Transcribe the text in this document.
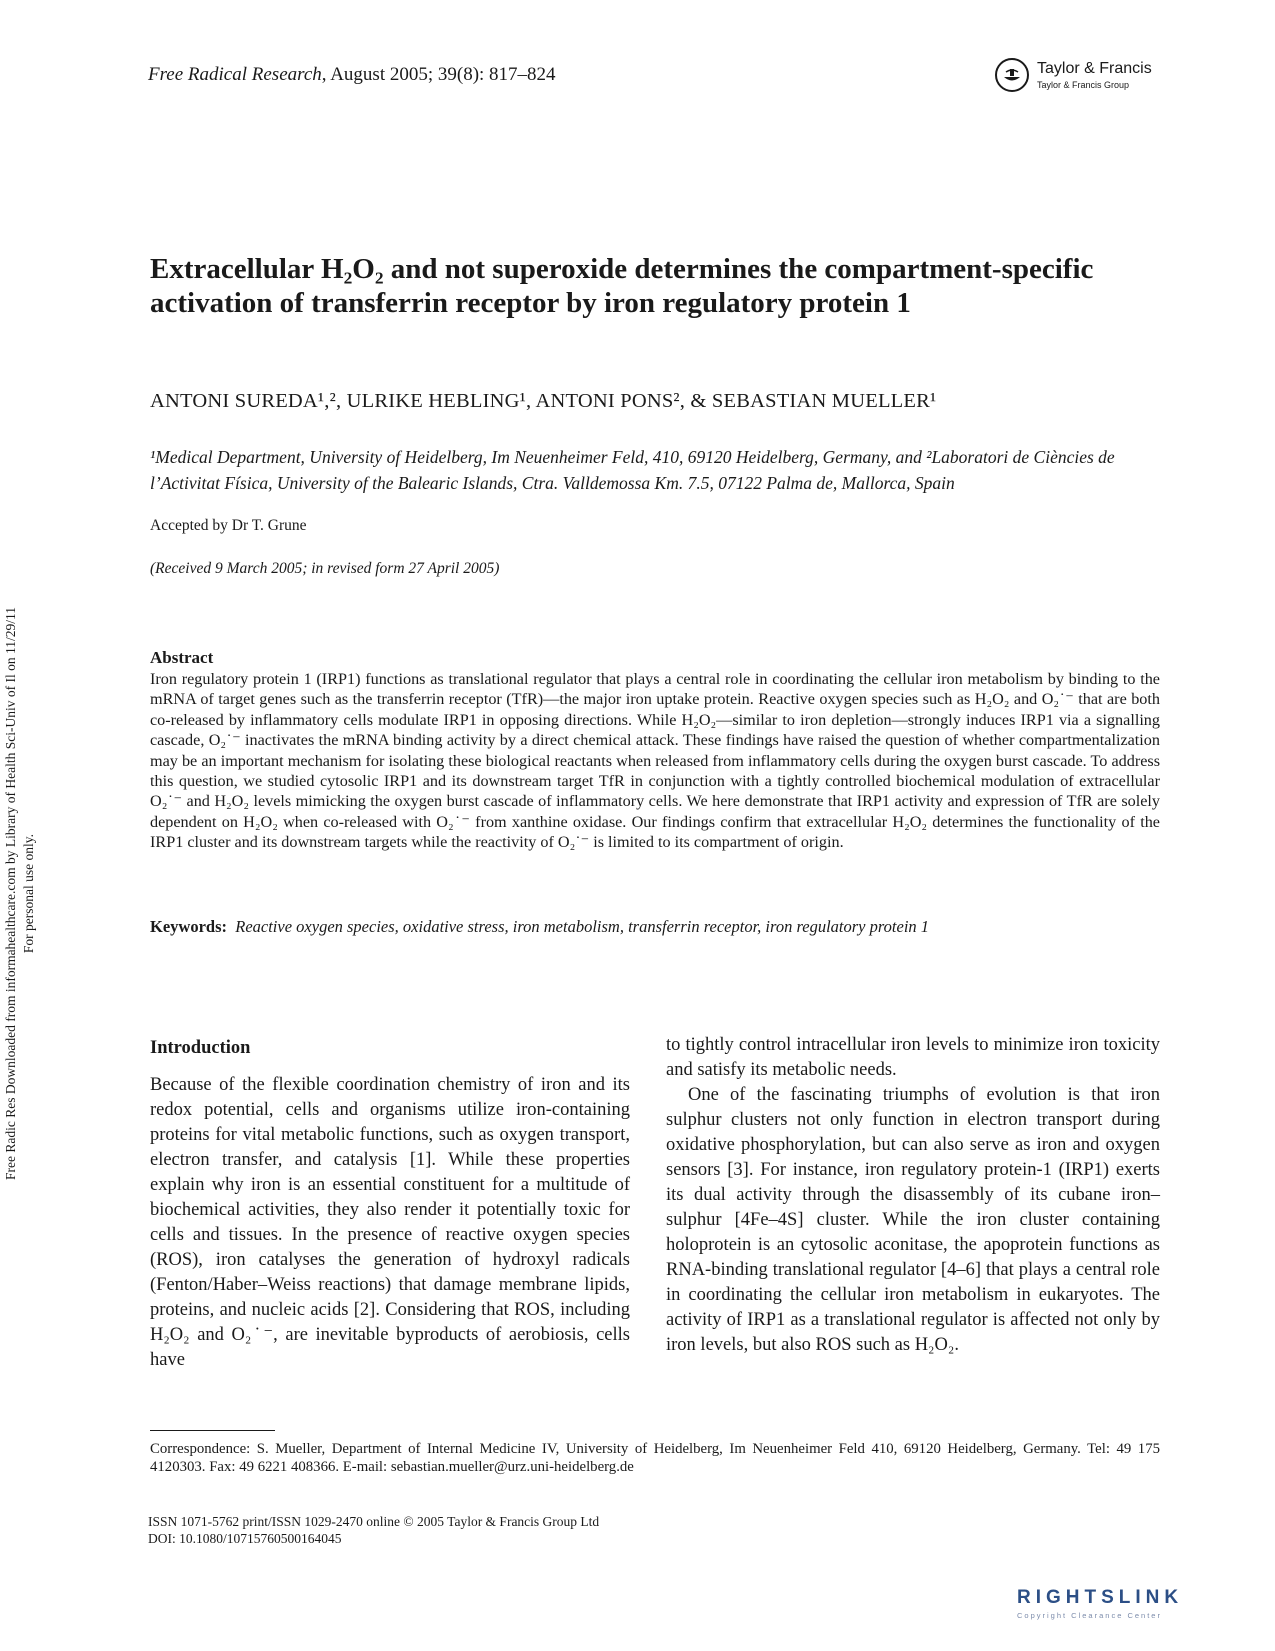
Free Radical Research, August 2005; 39(8): 817–824	Taylor & Francis
Taylor & Francis Group
Free Radic Res Downloaded from informahealthcare.com by Library of Health Sci-Univ of Il on 11/29/11 For personal use only.
Extracellular H₂O₂ and not superoxide determines the compartment-specific activation of transferrin receptor by iron regulatory protein 1
ANTONI SUREDA¹,², ULRIKE HEBLING¹, ANTONI PONS², & SEBASTIAN MUELLER¹
¹Medical Department, University of Heidelberg, Im Neuenheimer Feld, 410, 69120 Heidelberg, Germany, and ²Laboratori de Ciències de l’Activitat Física, University of the Balearic Islands, Ctra. Valldemossa Km. 7.5, 07122 Palma de, Mallorca, Spain
Accepted by Dr T. Grune
(Received 9 March 2005; in revised form 27 April 2005)
Abstract
Iron regulatory protein 1 (IRP1) functions as translational regulator that plays a central role in coordinating the cellular iron metabolism by binding to the mRNA of target genes such as the transferrin receptor (TfR)—the major iron uptake protein. Reactive oxygen species such as H₂O₂ and O₂˙⁻ that are both co-released by inflammatory cells modulate IRP1 in opposing directions. While H₂O₂—similar to iron depletion—strongly induces IRP1 via a signalling cascade, O₂˙⁻ inactivates the mRNA binding activity by a direct chemical attack. These findings have raised the question of whether compartmentalization may be an important mechanism for isolating these biological reactants when released from inflammatory cells during the oxygen burst cascade. To address this question, we studied cytosolic IRP1 and its downstream target TfR in conjunction with a tightly controlled biochemical modulation of extracellular O₂˙⁻ and H₂O₂ levels mimicking the oxygen burst cascade of inflammatory cells. We here demonstrate that IRP1 activity and expression of TfR are solely dependent on H₂O₂ when co-released with O₂˙⁻ from xanthine oxidase. Our findings confirm that extracellular H₂O₂ determines the functionality of the IRP1 cluster and its downstream targets while the reactivity of O₂˙⁻ is limited to its compartment of origin.
Keywords: Reactive oxygen species, oxidative stress, iron metabolism, transferrin receptor, iron regulatory protein 1
Introduction
Because of the flexible coordination chemistry of iron and its redox potential, cells and organisms utilize iron-containing proteins for vital metabolic functions, such as oxygen transport, electron transfer, and catalysis [1]. While these properties explain why iron is an essential constituent for a multitude of biochemical activities, they also render it potentially toxic for cells and tissues. In the presence of reactive oxygen species (ROS), iron catalyses the generation of hydroxyl radicals (Fenton/Haber–Weiss reactions) that damage membrane lipids, proteins, and nucleic acids [2]. Considering that ROS, including H₂O₂ and O₂˙⁻, are inevitable byproducts of aerobiosis, cells have
to tightly control intracellular iron levels to minimize iron toxicity and satisfy its metabolic needs.
One of the fascinating triumphs of evolution is that iron sulphur clusters not only function in electron transport during oxidative phosphorylation, but can also serve as iron and oxygen sensors [3]. For instance, iron regulatory protein-1 (IRP1) exerts its dual activity through the disassembly of its cubane iron–sulphur [4Fe–4S] cluster. While the iron cluster containing holoprotein is an cytosolic aconitase, the apoprotein functions as RNA-binding translational regulator [4–6] that plays a central role in coordinating the cellular iron metabolism in eukaryotes. The activity of IRP1 as a translational regulator is affected not only by iron levels, but also ROS such as H₂O₂.
Correspondence: S. Mueller, Department of Internal Medicine IV, University of Heidelberg, Im Neuenheimer Feld 410, 69120 Heidelberg, Germany. Tel: 49 175 4120303. Fax: 49 6221 408366. E-mail: sebastian.mueller@urz.uni-heidelberg.de
ISSN 1071-5762 print/ISSN 1029-2470 online © 2005 Taylor & Francis Group Ltd
DOI: 10.1080/10715760500164045
RIGHTSLINK
Copyright Clearance Center
